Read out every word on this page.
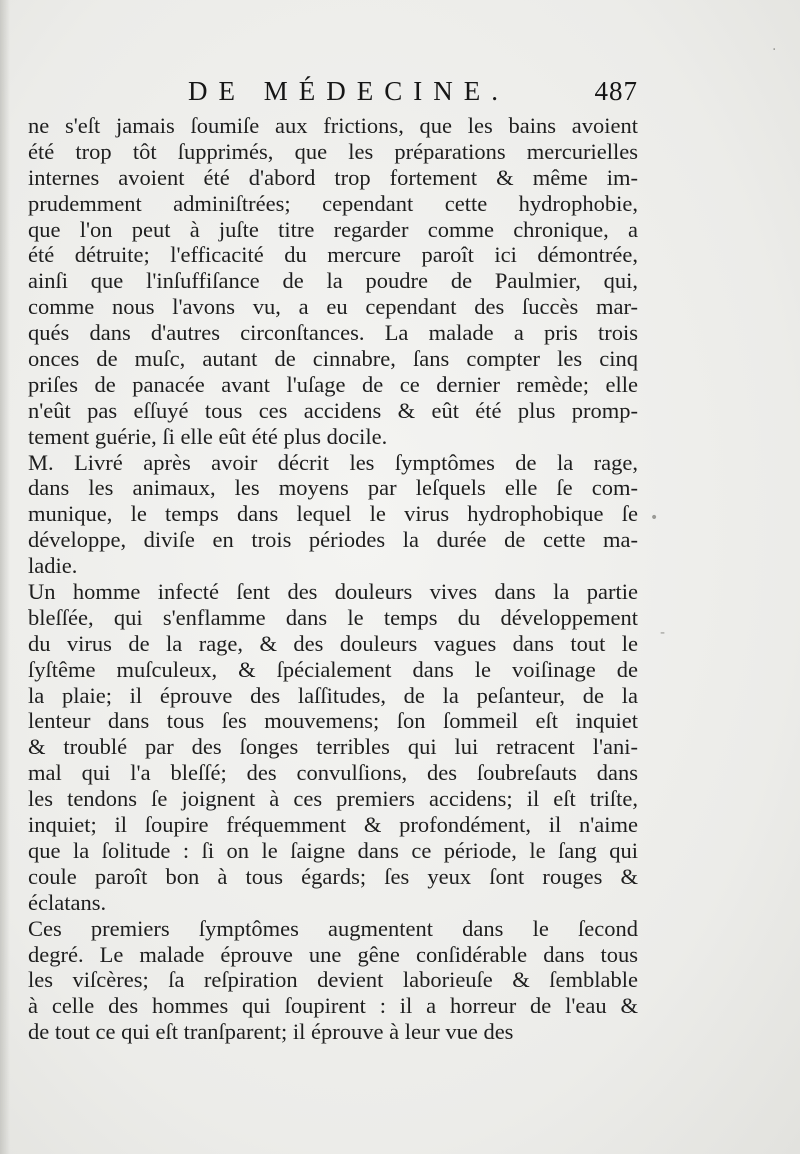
DE MÉDECINE.	487
ne s'eſt jamais ſoumiſe aux frictions, que les bains avoient
été trop tôt ſupprimés, que les préparations mercurielles
internes avoient été d'abord trop fortement & même im-
prudemment adminiſtrées; cependant cette hydrophobie,
que l'on peut à juſte titre regarder comme chronique, a
été détruite; l'efficacité du mercure paroît ici démontrée,
ainſi que l'inſuffiſance de la poudre de Paulmier, qui,
comme nous l'avons vu, a eu cependant des ſuccès mar-
qués dans d'autres circonſtances. La malade a pris trois
onces de muſc, autant de cinnabre, ſans compter les cinq
priſes de panacée avant l'uſage de ce dernier remède; elle
n'eût pas eſſuyé tous ces accidens & eût été plus promp-
tement guérie, ſi elle eût été plus docile.
M. Livré après avoir décrit les ſymptômes de la rage,
dans les animaux, les moyens par leſquels elle ſe com-
munique, le temps dans lequel le virus hydrophobique ſe
développe, diviſe en trois périodes la durée de cette ma-
ladie.
Un homme infecté ſent des douleurs vives dans la partie
bleſſée, qui s'enflamme dans le temps du développement
du virus de la rage, & des douleurs vagues dans tout le
ſyſtême muſculeux, & ſpécialement dans le voiſinage de
la plaie; il éprouve des laſſitudes, de la peſanteur, de la
lenteur dans tous ſes mouvemens; ſon ſommeil eſt inquiet
& troublé par des ſonges terribles qui lui retracent l'ani-
mal qui l'a bleſſé; des convulſions, des ſoubreſauts dans
les tendons ſe joignent à ces premiers accidens; il eſt triſte,
inquiet; il ſoupire fréquemment & profondément, il n'aime
que la ſolitude : ſi on le ſaigne dans ce période, le ſang qui
coule paroît bon à tous égards; ſes yeux ſont rouges &
éclatans.
Ces premiers ſymptômes augmentent dans le ſecond
degré. Le malade éprouve une gêne conſidérable dans tous
les viſcères; ſa reſpiration devient laborieuſe & ſemblable
à celle des hommes qui ſoupirent : il a horreur de l'eau &
de tout ce qui eſt tranſparent; il éprouve à leur vue des
·
•
-
